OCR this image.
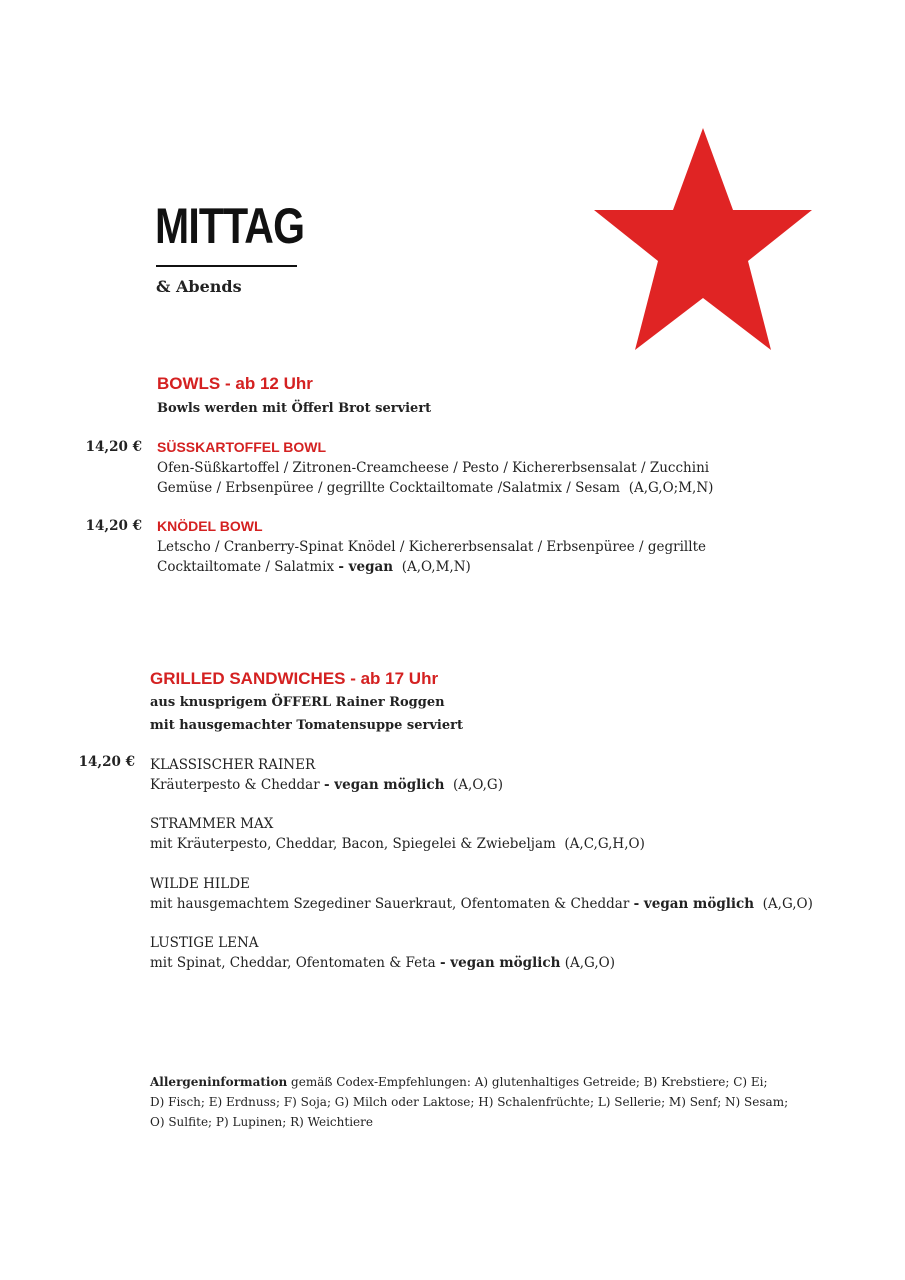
MITTAG
& Abends
BOWLS - ab 12 Uhr
Bowls werden mit Öfferl Brot serviert
14,20 € SÜSSKARTOFFEL BOWL
Ofen-Süßkartoffel / Zitronen-Creamcheese / Pesto / Kichererbsensalat / Zucchini
Gemüse / Erbsenpüree / gegrillte Cocktailtomate /Salatmix / Sesam (A,G,O;M,N)
14,20 € KNÖDEL BOWL
Letscho / Cranberry-Spinat Knödel / Kichererbsensalat / Erbsenpüree / gegrillte
Cocktailtomate / Salatmix - vegan (A,O,M,N)
GRILLED SANDWICHES - ab 17 Uhr
aus knusprigem ÖFFERL Rainer Roggen
mit hausgemachter Tomatensuppe serviert
14,20 € KLASSISCHER RAINER
Kräuterpesto & Cheddar - vegan möglich (A,O,G)
STRAMMER MAX
mit Kräuterpesto, Cheddar, Bacon, Spiegelei & Zwiebeljam (A,C,G,H,O)
WILDE HILDE
mit hausgemachtem Szegediner Sauerkraut, Ofentomaten & Cheddar - vegan möglich (A,G,O)
LUSTIGE LENA
mit Spinat, Cheddar, Ofentomaten & Feta - vegan möglich (A,G,O)
Allergeninformation gemäß Codex-Empfehlungen: A) glutenhaltiges Getreide; B) Krebstiere; C) Ei;
D) Fisch; E) Erdnuss; F) Soja; G) Milch oder Laktose; H) Schalenfrüchte; L) Sellerie; M) Senf; N) Sesam;
O) Sulfite; P) Lupinen; R) Weichtiere
